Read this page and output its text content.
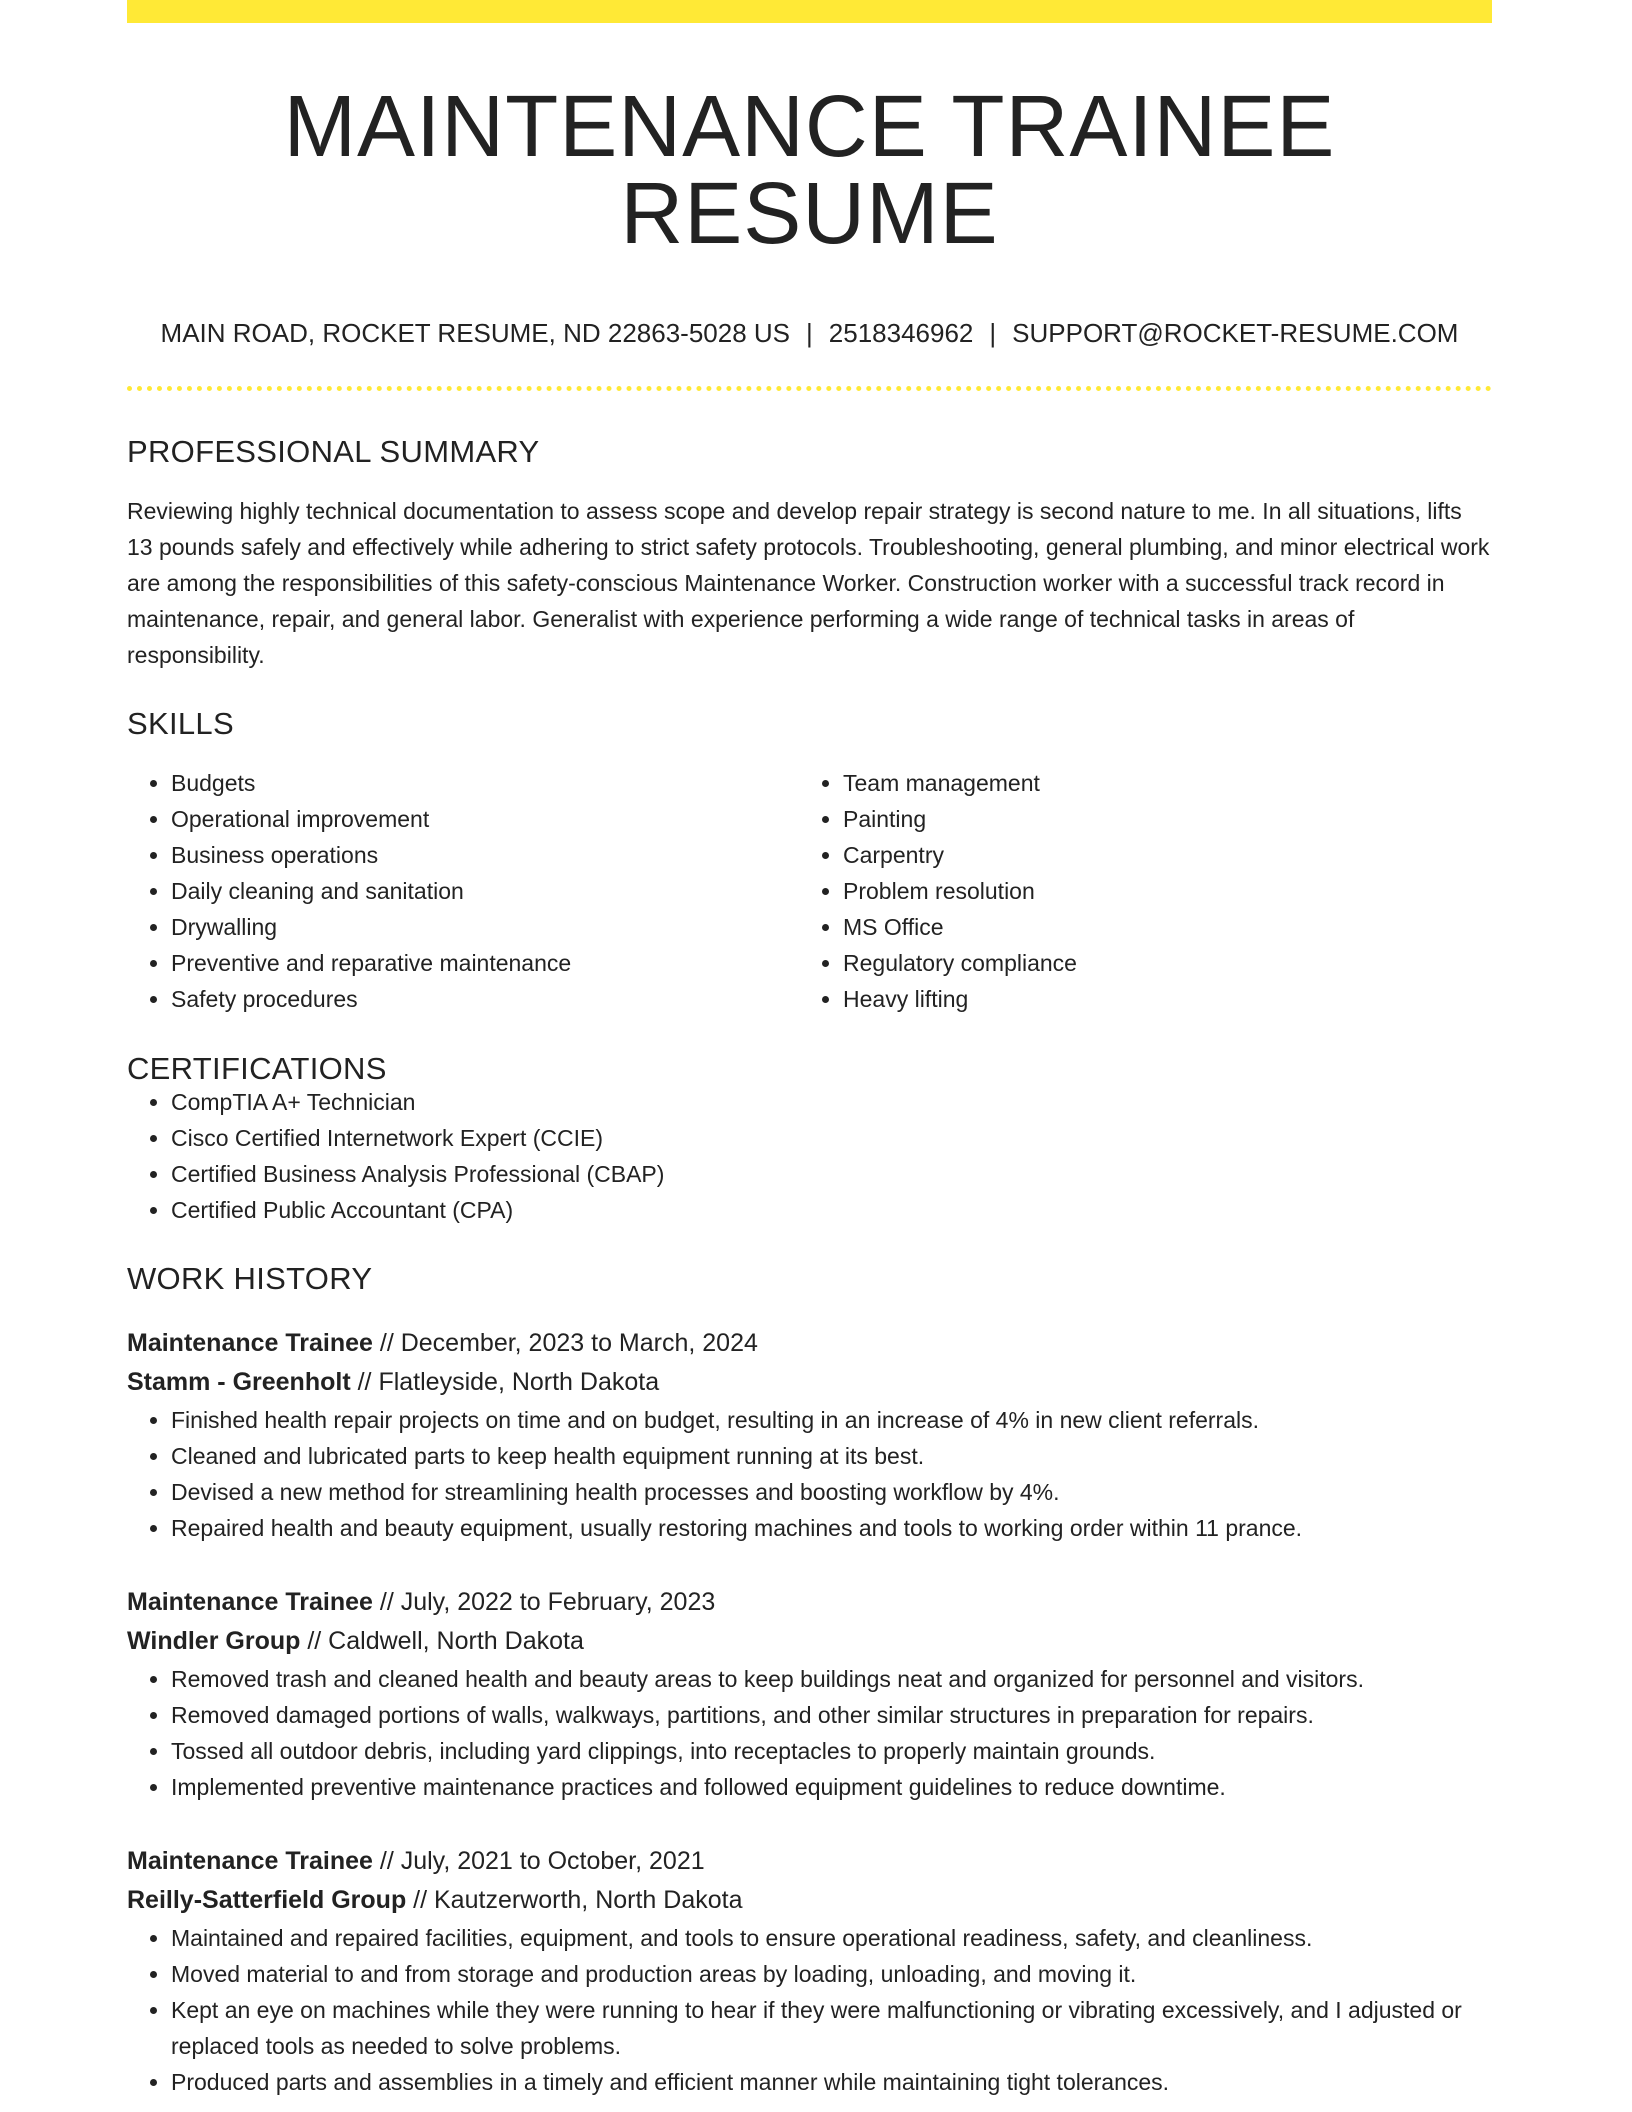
MAINTENANCE TRAINEE RESUME
MAIN ROAD, ROCKET RESUME, ND 22863-5028 US | 2518346962 | SUPPORT@ROCKET-RESUME.COM
PROFESSIONAL SUMMARY

Reviewing highly technical documentation to assess scope and develop repair strategy is second nature to me. In all situations, lifts 13 pounds safely and effectively while adhering to strict safety protocols. Troubleshooting, general plumbing, and minor electrical work are among the responsibilities of this safety-conscious Maintenance Worker. Construction worker with a successful track record in maintenance, repair, and general labor. Generalist with experience performing a wide range of technical tasks in areas of responsibility.

SKILLS
• Budgets
• Operational improvement
• Business operations
• Daily cleaning and sanitation
• Drywalling
• Preventive and reparative maintenance
• Safety procedures
• Team management
• Painting
• Carpentry
• Problem resolution
• MS Office
• Regulatory compliance
• Heavy lifting
CERTIFICATIONS
• CompTIA A+ Technician
• Cisco Certified Internetwork Expert (CCIE)
• Certified Business Analysis Professional (CBAP)
• Certified Public Accountant (CPA)
WORK HISTORY
Maintenance Trainee // December, 2023 to March, 2024
Stamm - Greenholt // Flatleyside, North Dakota
• Finished health repair projects on time and on budget, resulting in an increase of 4% in new client referrals.
• Cleaned and lubricated parts to keep health equipment running at its best.
• Devised a new method for streamlining health processes and boosting workflow by 4%.
• Repaired health and beauty equipment, usually restoring machines and tools to working order within 11 prance.
Maintenance Trainee // July, 2022 to February, 2023
Windler Group // Caldwell, North Dakota
• Removed trash and cleaned health and beauty areas to keep buildings neat and organized for personnel and visitors.
• Removed damaged portions of walls, walkways, partitions, and other similar structures in preparation for repairs.
• Tossed all outdoor debris, including yard clippings, into receptacles to properly maintain grounds.
• Implemented preventive maintenance practices and followed equipment guidelines to reduce downtime.
Maintenance Trainee // July, 2021 to October, 2021
Reilly-Satterfield Group // Kautzerworth, North Dakota
• Maintained and repaired facilities, equipment, and tools to ensure operational readiness, safety, and cleanliness.
• Moved material to and from storage and production areas by loading, unloading, and moving it.
• Kept an eye on machines while they were running to hear if they were malfunctioning or vibrating excessively, and I adjusted or replaced tools as needed to solve problems.
• Produced parts and assemblies in a timely and efficient manner while maintaining tight tolerances.
